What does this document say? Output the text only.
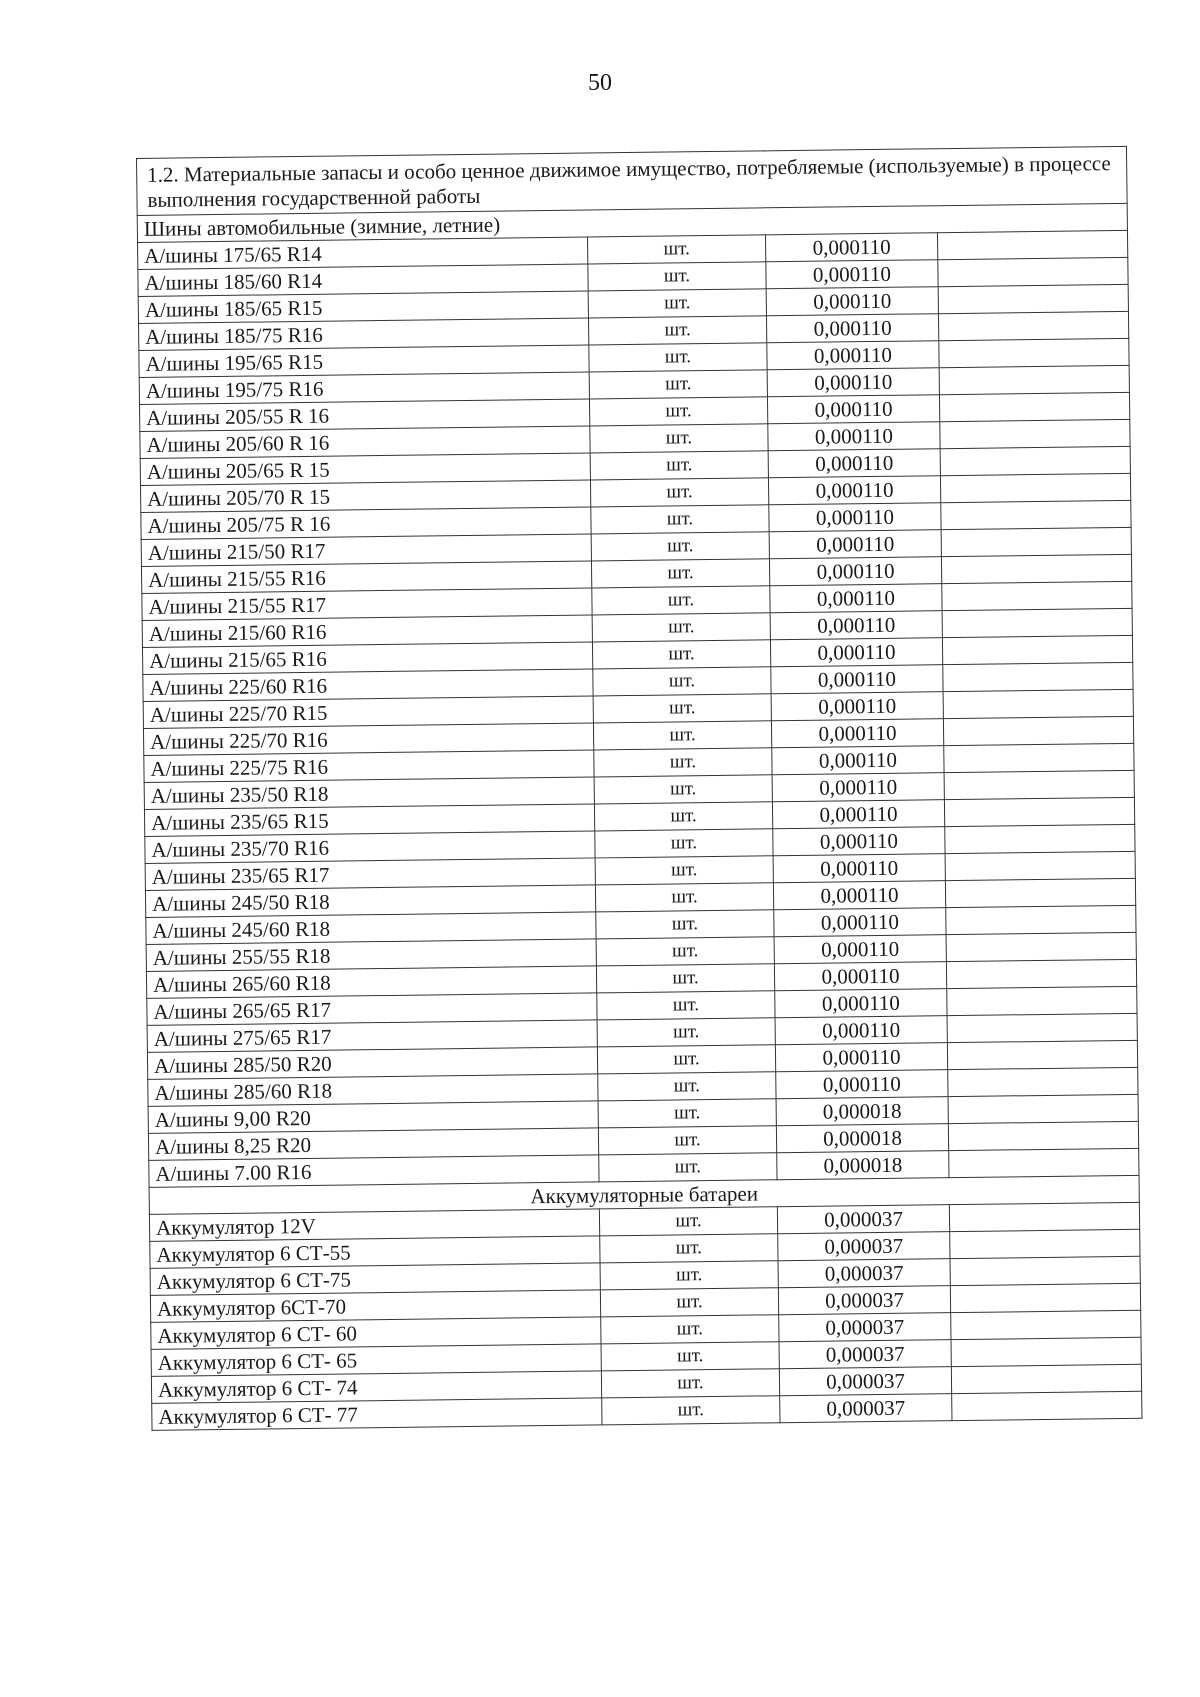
50
1.2. Материальные запасы и особо ценное движимое имущество, потребляемые (используемые) в процессе выполнения государственной работы			
Шины автомобильные (зимние, летние)			
А/шины 175/65 R14	шт.	0,000110	
А/шины 185/60 R14	шт.	0,000110	
А/шины 185/65 R15	шт.	0,000110	
А/шины 185/75 R16	шт.	0,000110	
А/шины 195/65 R15	шт.	0,000110	
А/шины 195/75 R16	шт.	0,000110	
А/шины 205/55 R 16	шт.	0,000110	
А/шины 205/60 R 16	шт.	0,000110	
А/шины 205/65 R 15	шт.	0,000110	
А/шины 205/70 R 15	шт.	0,000110	
А/шины 205/75 R 16	шт.	0,000110	
А/шины 215/50 R17	шт.	0,000110	
А/шины 215/55 R16	шт.	0,000110	
А/шины 215/55 R17	шт.	0,000110	
А/шины 215/60 R16	шт.	0,000110	
А/шины 215/65 R16	шт.	0,000110	
А/шины 225/60 R16	шт.	0,000110	
А/шины 225/70 R15	шт.	0,000110	
А/шины 225/70 R16	шт.	0,000110	
А/шины 225/75 R16	шт.	0,000110	
А/шины 235/50 R18	шт.	0,000110	
А/шины 235/65 R15	шт.	0,000110	
А/шины 235/70 R16	шт.	0,000110	
А/шины 235/65 R17	шт.	0,000110	
А/шины 245/50 R18	шт.	0,000110	
А/шины 245/60 R18	шт.	0,000110	
А/шины 255/55 R18	шт.	0,000110	
А/шины 265/60 R18	шт.	0,000110	
А/шины 265/65 R17	шт.	0,000110	
А/шины 275/65 R17	шт.	0,000110	
А/шины 285/50 R20	шт.	0,000110	
А/шины 285/60 R18	шт.	0,000110	
А/шины 9,00 R20	шт.	0,000018	
А/шины 8,25 R20	шт.	0,000018	
А/шины 7.00 R16	шт.	0,000018	
Аккумуляторные батареи			
Аккумулятор 12V	шт.	0,000037	
Аккумулятор 6 СТ-55	шт.	0,000037	
Аккумулятор 6 СТ-75	шт.	0,000037	
Аккумулятор 6СТ-70	шт.	0,000037	
Аккумулятор 6 СТ- 60	шт.	0,000037	
Аккумулятор 6 СТ- 65	шт.	0,000037	
Аккумулятор 6 СТ- 74	шт.	0,000037	
Аккумулятор 6 СТ- 77	шт.	0,000037	
